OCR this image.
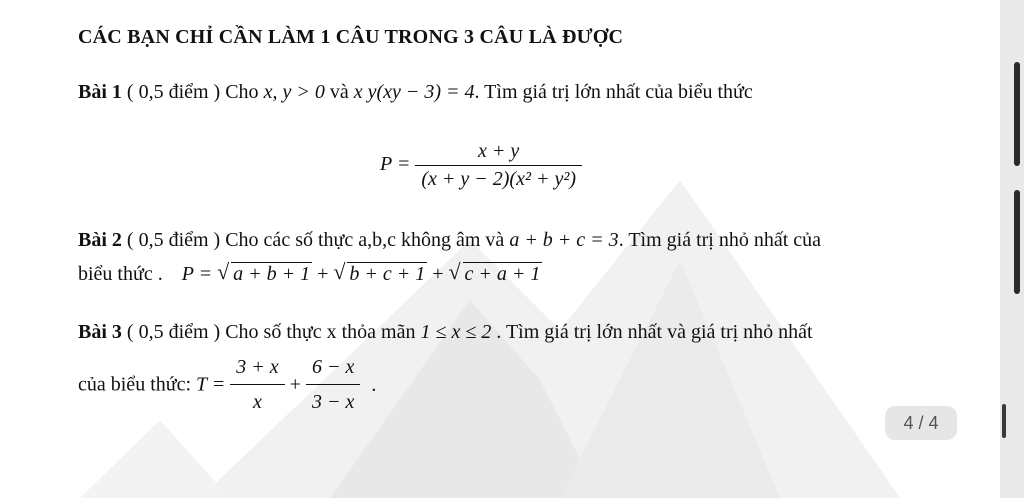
CÁC BẠN CHỈ CẦN LÀM 1 CÂU TRONG 3 CÂU LÀ ĐƯỢC
Bài 1 ( 0,5 điểm ) Cho x, y > 0 và x y(xy − 3) = 4. Tìm giá trị lớn nhất của biểu thức
$P = \frac{x + y}{\text{(x + y − 2)(x² + y²)}}$
Bài 2 ( 0,5 điểm ) Cho các số thực a,b,c không âm và a + b + c = 3. Tìm giá trị nhỏ nhất của
biểu thức . P = √ a + b + 1 + √ b + c + 1 + √ c + a + 1
Bài 3 ( 0,5 điểm ) Cho số thực x thỏa mãn 1 ≤ x ≤ 2 . Tìm giá trị lớn nhất và giá trị nhỏ nhất
của biểu thức: $T = \frac{3 + x}{x} + \frac{6 - x}{3 - x}$ .
4 / 4
